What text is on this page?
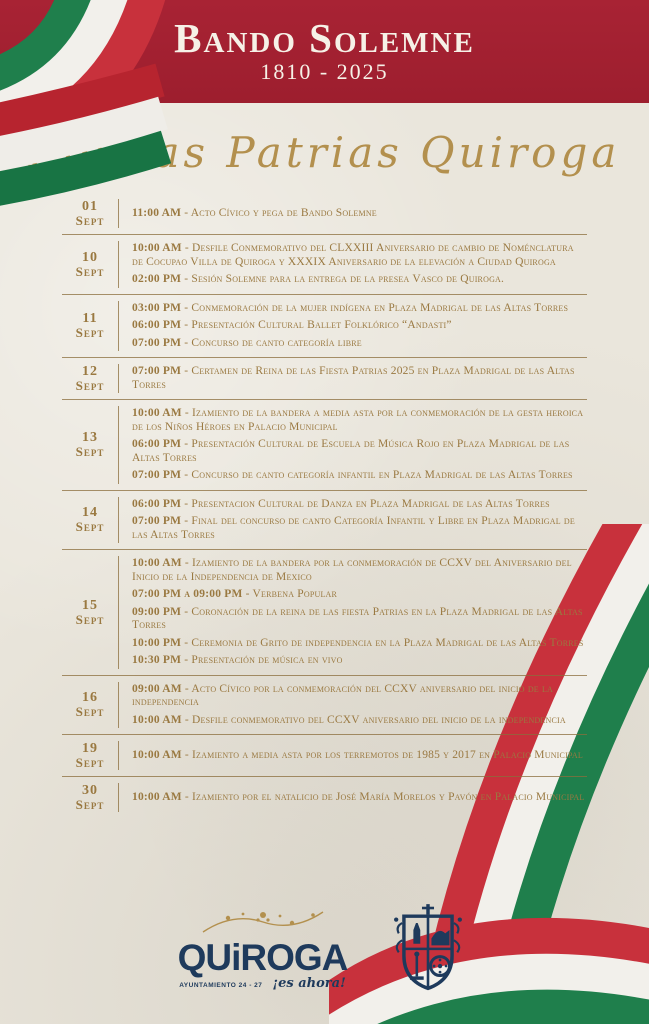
Bando Solemne
1810 - 2025
Fiestas Patrias Quiroga
01
Sept
11:00 AM - Acto Cívico y pega de Bando Solemne
10
Sept
10:00 AM - Desfile Conmemorativo del CLXXIII Aniversario de cambio de Noménclatura de Cocupao Villa de Quiroga y XXXIX Aniversario de la elevación a Ciudad Quiroga
02:00 PM - Sesión Solemne para la entrega de la presea Vasco de Quiroga.
11
Sept
03:00 PM - Conmemoración de la mujer indígena en Plaza Madrigal de las Altas Torres
06:00 PM - Presentación Cultural Ballet Folklórico “Andasti”
07:00 PM - Concurso de canto categoría libre
12
Sept
07:00 PM - Certamen de Reina de las Fiesta Patrias 2025 en Plaza Madrigal de las Altas Torres
13
Sept
10:00 AM - Izamiento de la bandera a media asta por la conmemoración de la gesta heroica de los Niños Héroes en Palacio Municipal
06:00 PM - Presentación Cultural de Escuela de Música Rojo en Plaza Madrigal de las Altas Torres
07:00 PM - Concurso de canto categoría infantil en Plaza Madrigal de las Altas Torres
14
Sept
06:00 PM - Presentacion Cultural de Danza en Plaza Madrigal de las Altas Torres
07:00 PM - Final del concurso de canto Categoría Infantil y Libre en Plaza Madrigal de las Altas Torres
15
Sept
10:00 AM - Izamiento de la bandera por la conmemoración de CCXV del Aniversario del Inicio de la Independencia de Mexico
07:00 PM a 09:00 PM - Verbena Popular
09:00 PM - Coronación de la reina de las fiesta Patrias en la Plaza Madrigal de las Altas Torres
10:00 PM - Ceremonia de Grito de independencia en la Plaza Madrigal de las Altas Torres
10:30 PM - Presentación de música en vivo
16
Sept
09:00 AM - Acto Cívico por la conmemoración del CCXV aniversario del inicio de la independencia
10:00 AM - Desfile conmemorativo del CCXV aniversario del inicio de la independencia
19
Sept
10:00 AM - Izamiento a media asta por los terremotos de 1985 y 2017 en Palacio Municipal
30
Sept
10:00 AM - Izamiento por el natalicio de José María Morelos y Pavón en Palacio Municipal
QUiROGA
AYUNTAMIENTO 24 - 27 ¡es ahora!
